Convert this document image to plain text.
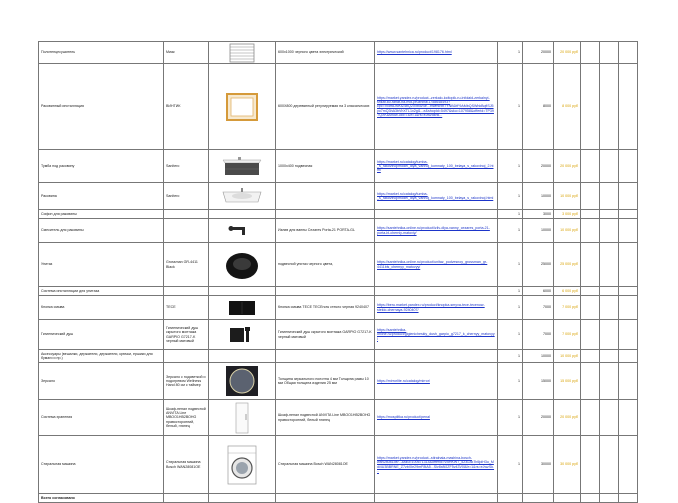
Полотенцесушитель	Миак		600х1000 черного цвета электрический	https://www.santehnica.ru/product/198176.html	1	20000	20 000 руб			
Раковинный инсталляция	ВИНТИК		600Х800 деревянный регулируемая на 3 классических	https://market.yandex.ru/product--zerkalo-lodtopik-ru-infolaid-zerkalnyi-shkaf-60-fanat-na-mol-pruzhina/1758648493?cpc=VI5ft8JNKtZ4bQ2Xxb5z4e...t9wmk9b7YNBDfF9AMbQSWhkBqfiSJ5yo7mQ3hA3bVhXTL1x2gi1...e&shopId=5497&sku=107958&offerid=TP39TQXK&show-uid=7&lr=1&rs=eJwzdkrB...	1	8000	8 000 руб			
Тумба под раковину	Sanitero		1000х400 подвесная	https://market.ru/catalog/tumba-_s_rakovinoj/model_dlya_vannoj_komnaty_100_belaya_s_rakovinoj_2.html	1	20000	20 000 руб			
Раковина	Sanitero			https://market.ru/catalog/tumba-_s_rakovinoj/model_dlya_vannoj_komnaty_100_belaya_s_rakovinoj.html	1	10000	10 000 руб			
Сифон для раковины					1	3000	3 000 руб			
Смеситель для раковины			Излив для ванны Cezares Porta-21 PORTA-GL	https://santehnika-online.ru/product/izliv-dlya-vanny_cezares_porta-21-porta-bl-cherniy-matoviy/	1	10000	10 000 руб			
Унитаз	Grossman GR-4411 Black		подвесной унитаз черного цвета,	https://santehnika-online.ru/product/unitaz_podvesnoy_grossman_gr-4411bls_chernyy_matovyy/	1	25000	25 000 руб			
Система инсталляции для унитаза					1	6000	6 000 руб			
Кнопка смыва	TECE		Кнопка смыва TECE TECEnow стекло черная 9240407	https://beru.market.yandex.ru/product/knopka-smyva-tece-tecenow-steklo-chernaya-9240407/	1	7000	7 000 руб			
Гигиенический душ	Гигиенический душ скрытого монтажа GARPIO G7217-K черный матовый		Гигиенический душ скрытого монтажа GARPIO G7217-K черный матовый	https://santehnika-online.ru/product/gigienicheskiy_dush_garpio_g7217_k_chernyy_matovyy/	1	7000	7 000 руб			
Аксессуары (вешалки, держатели, держатели, крючки, ершики для бумаги и пр.)					1	10000	10 000 руб			
Зеркало	Зеркало с подсветкой и подогревом Wellness Hand 80 см с таймер		Толщина зеркального полотна 4 мм Толщина рамы 10 мм Общая толщина изделия 25 мм	https://mirrorlite.ru/catalog/mirror/	1	15000	15 000 руб			
Система хранения	Шкаф-пенал подвесной ANVITA Line МВОО1НВ2ВОНG правосторонний, белый, глянец		Шкаф-пенал подвесной ANVITA Line МВОО1НВ2ВОНG правосторонний, белый глянец	https://mosplitka.ru/product/penal	1	20000	20 000 руб			
Стиральная машина	Стиральная машина Bosch WAN28081OE		Стиральная машина Bosch WAN28081OE	https://market.yandex.ru/product--stiralnaia-mashina-bosch-wan28081oe/...&sku=100671314&offerid=VBHKW7_5Z4L8kTb5jdH3u_Mdi4U3BBRNE_Z7zbXIe29mF8tA5...Slv8x8fJZF5v43V0l&lr=1&rs=eJwzSk...	1	30000	30 000 руб			
Всего согласовано										
